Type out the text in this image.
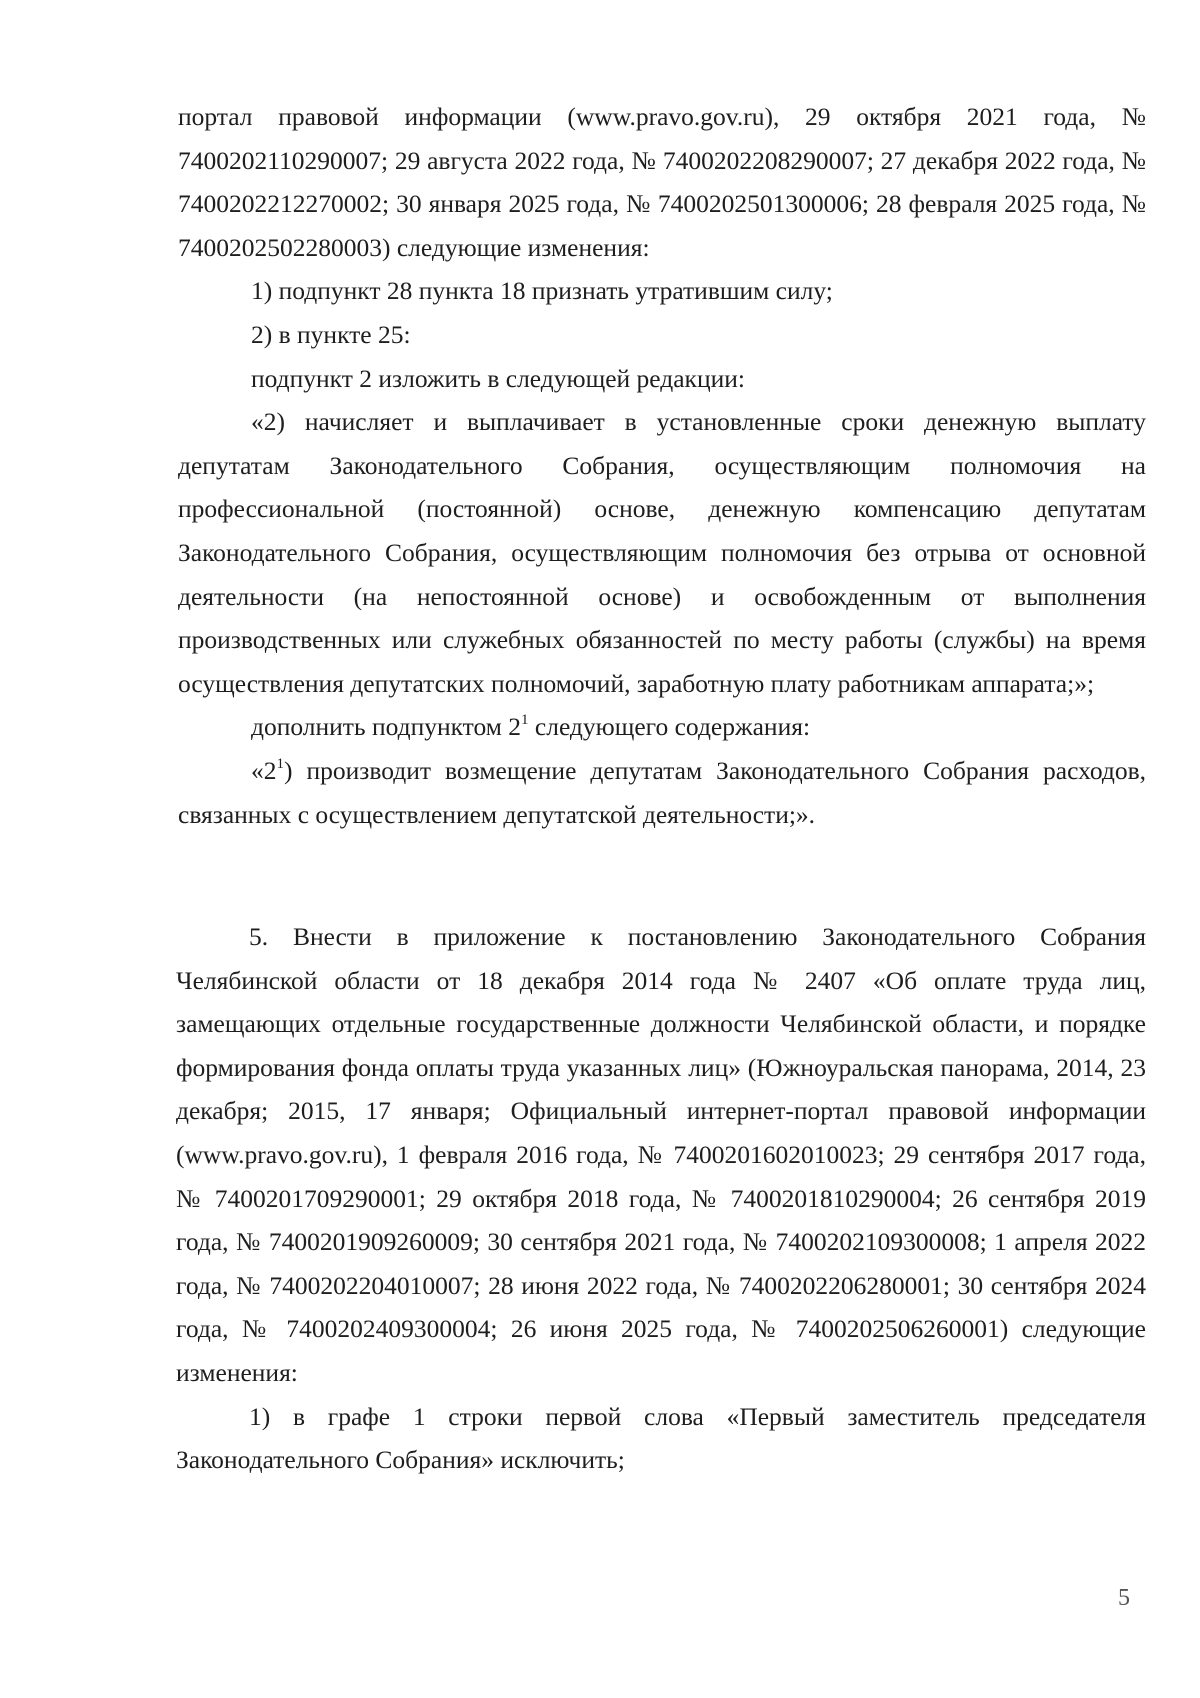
портал правовой информации (www.pravo.gov.ru), 29 октября 2021 года, № 7400202110290007; 29 августа 2022 года, № 7400202208290007; 27 декабря 2022 года, № 7400202212270002; 30 января 2025 года, № 7400202501300006; 28 февраля 2025 года, № 7400202502280003) следующие изменения:

1) подпункт 28 пункта 18 признать утратившим силу;

2) в пункте 25:

подпункт 2 изложить в следующей редакции:

«2) начисляет и выплачивает в установленные сроки денежную выплату депутатам Законодательного Собрания, осуществляющим полномочия на профессиональной (постоянной) основе, денежную компенсацию депутатам Законодательного Собрания, осуществляющим полномочия без отрыва от основной деятельности (на непостоянной основе) и освобожденным от выполнения производственных или служебных обязанностей по месту работы (службы) на время осуществления депутатских полномочий, заработную плату работникам аппарата;»;

дополнить подпунктом $2^1$ следующего содержания:

«$2^1$) производит возмещение депутатам Законодательного Собрания расходов, связанных с осуществлением депутатской деятельности;».

5. Внести в приложение к постановлению Законодательного Собрания Челябинской области от 18 декабря 2014 года № 2407 «Об оплате труда лиц, замещающих отдельные государственные должности Челябинской области, и порядке формирования фонда оплаты труда указанных лиц» (Южноуральская панорама, 2014, 23 декабря; 2015, 17 января; Официальный интернет-портал правовой информации (www.pravo.gov.ru), 1 февраля 2016 года, № 7400201602010023; 29 сентября 2017 года, № 7400201709290001; 29 октября 2018 года, № 7400201810290004; 26 сентября 2019 года, № 7400201909260009; 30 сентября 2021 года, № 7400202109300008; 1 апреля 2022 года, № 7400202204010007; 28 июня 2022 года, № 7400202206280001; 30 сентября 2024 года, № 7400202409300004; 26 июня 2025 года, № 7400202506260001) следующие изменения:

1) в графе 1 строки первой слова «Первый заместитель председателя Законодательного Собрания» исключить;

5
